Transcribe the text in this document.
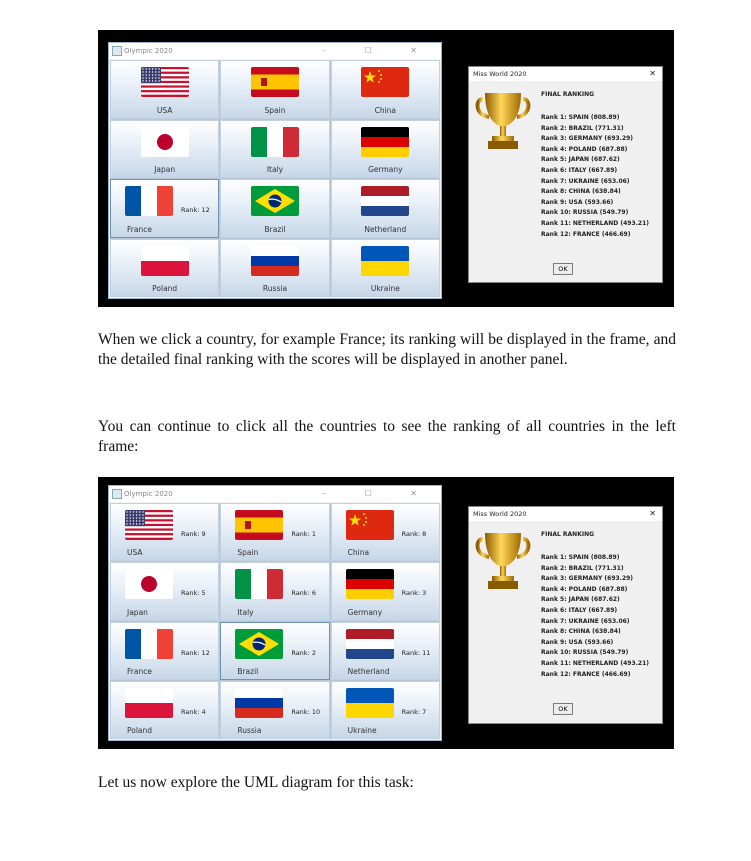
Olympic 2020	– ☐ ✕
USA	Spain	China
Japan	Italy	Germany
Rank: 12
France	Brazil	Netherland
Poland	Russia	Ukraine
Miss World 2020	✕
FINAL RANKING
Rank 1: SPAIN (808.89)
Rank 2: BRAZIL (771.31)
Rank 3: GERMANY (693.29)
Rank 4: POLAND (687.88)
Rank 5: JAPAN (687.62)
Rank 6: ITALY (667.89)
Rank 7: UKRAINE (653.06)
Rank 8: CHINA (638.84)
Rank 9: USA (593.66)
Rank 10: RUSSIA (549.79)
Rank 11: NETHERLAND (493.21)
Rank 12: FRANCE (466.69)
OK

When we click a country, for example France; its ranking will be displayed in the frame, and the detailed final ranking with the scores will be displayed in another panel.

You can continue to click all the countries to see the ranking of all countries in the left frame:

Olympic 2020	– ☐ ✕
Rank: 9
USA
Rank: 1
Spain
Rank: 8
China
Rank: 5
Japan
Rank: 6
Italy
Rank: 3
Germany
Rank: 12
France
Rank: 2
Brazil
Rank: 11
Netherland
Rank: 4
Poland
Rank: 10
Russia
Rank: 7
Ukraine
Miss World 2020	✕
FINAL RANKING
Rank 1: SPAIN (808.89)
Rank 2: BRAZIL (771.31)
Rank 3: GERMANY (693.29)
Rank 4: POLAND (687.88)
Rank 5: JAPAN (687.62)
Rank 6: ITALY (667.89)
Rank 7: UKRAINE (653.06)
Rank 8: CHINA (638.84)
Rank 9: USA (593.66)
Rank 10: RUSSIA (549.79)
Rank 11: NETHERLAND (493.21)
Rank 12: FRANCE (466.69)
OK

Let us now explore the UML diagram for this task:
